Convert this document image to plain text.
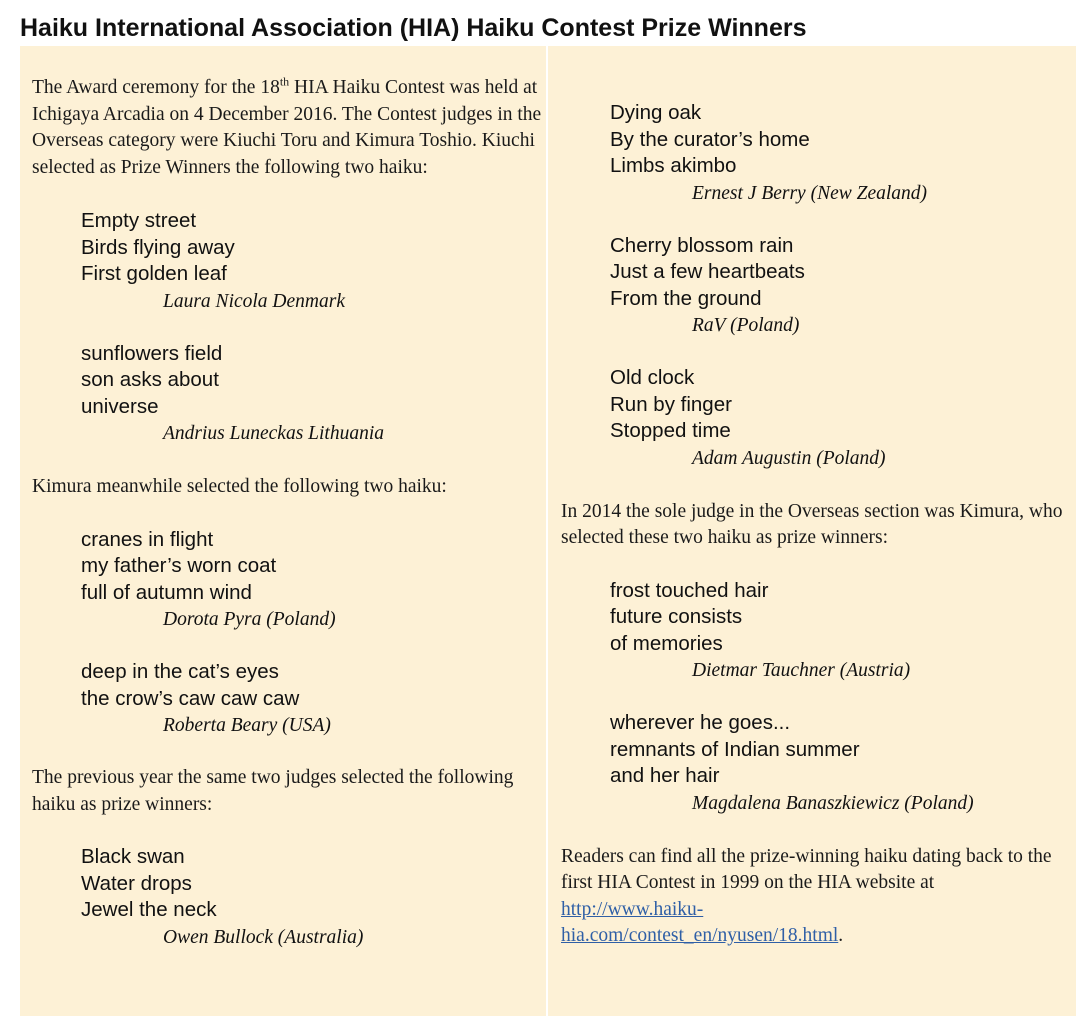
Haiku International Association (HIA) Haiku Contest Prize Winners

The Award ceremony for the 18th HIA Haiku Contest was held at Ichigaya Arcadia on 4 December 2016. The Contest judges in the Overseas category were Kiuchi Toru and Kimura Toshio. Kiuchi selected as Prize Winners the following two haiku:

Empty street
Birds flying away
First golden leaf
Laura Nicola Denmark
sunflowers field
son asks about
universe
Andrius Luneckas Lithuania

Kimura meanwhile selected the following two haiku:

cranes in flight
my father’s worn coat
full of autumn wind
Dorota Pyra (Poland)
deep in the cat’s eyes
the crow’s caw caw caw
Roberta Beary (USA)

The previous year the same two judges selected the following haiku as prize winners:

Black swan
Water drops
Jewel the neck
Owen Bullock (Australia)
Dying oak
By the curator’s home
Limbs akimbo
Ernest J Berry (New Zealand)
Cherry blossom rain
Just a few heartbeats
From the ground
RaV (Poland)
Old clock
Run by finger
Stopped time
Adam Augustin (Poland)

In 2014 the sole judge in the Overseas section was Kimura, who selected these two haiku as prize winners:

frost touched hair
future consists
of memories
Dietmar Tauchner (Austria)
wherever he goes...
remnants of Indian summer
and her hair
Magdalena Banaszkiewicz (Poland)

Readers can find all the prize-winning haiku dating back to the first HIA Contest in 1999 on the HIA website at http://www.haiku-
hia.com/contest_en/nyusen/18.html.
